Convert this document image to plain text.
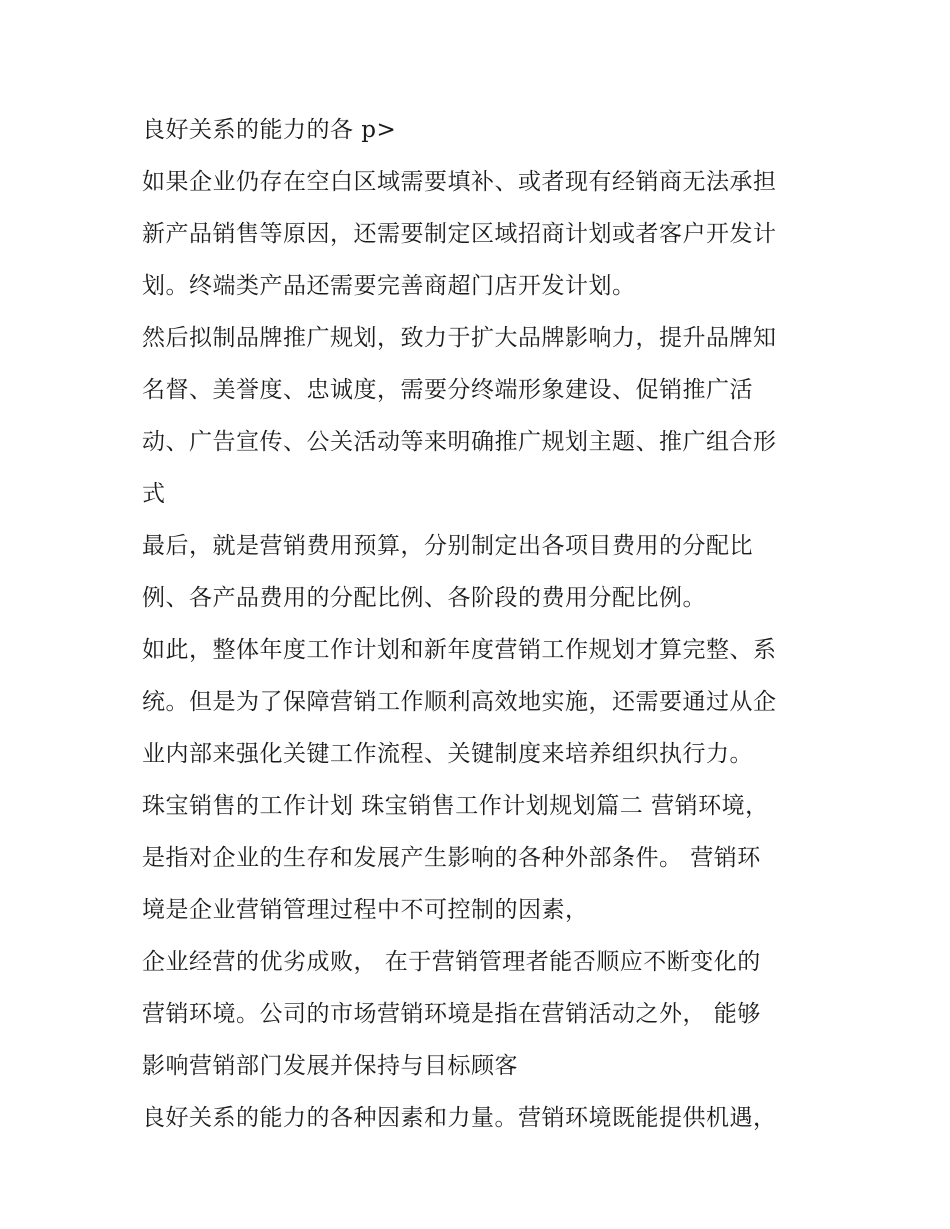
良好关系的能力的各 p>

如果企业仍存在空白区域需要填补、或者现有经销商无法承担
新产品销售等原因，还需要制定区域招商计划或者客户开发计
划。终端类产品还需要完善商超门店开发计划。

然后拟制品牌推广规划，致力于扩大品牌影响力，提升品牌知
名督、美誉度、忠诚度，需要分终端形象建设、促销推广活
动、广告宣传、公关活动等来明确推广规划主题、推广组合形
式

最后，就是营销费用预算，分别制定出各项目费用的分配比
例、各产品费用的分配比例、各阶段的费用分配比例。

如此，整体年度工作计划和新年度营销工作规划才算完整、系
统。但是为了保障营销工作顺利高效地实施，还需要通过从企
业内部来强化关键工作流程、关键制度来培养组织执行力。

珠宝销售的工作计划 珠宝销售工作计划规划篇二 营销环境，
是指对企业的生存和发展产生影响的各种外部条件。 营销环
境是企业营销管理过程中不可控制的因素，

企业经营的优劣成败， 在于营销管理者能否顺应不断变化的
营销环境。公司的市场营销环境是指在营销活动之外， 能够
影响营销部门发展并保持与目标顾客

良好关系的能力的各种因素和力量。营销环境既能提供机遇，
